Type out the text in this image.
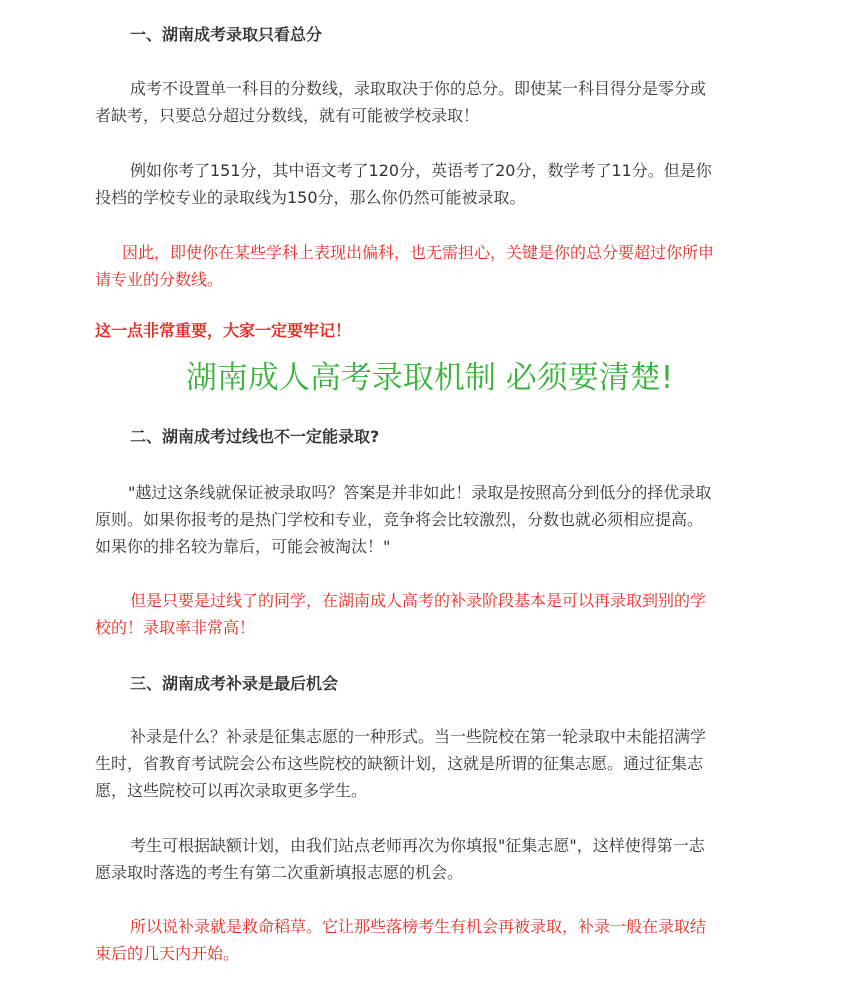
一、湖南成考录取只看总分
成考不设置单一科目的分数线，录取取决于你的总分。即使某一科目得分是零分或
者缺考，只要总分超过分数线，就有可能被学校录取！
例如你考了151分，其中语文考了120分，英语考了20分，数学考了11分。但是你
投档的学校专业的录取线为150分，那么你仍然可能被录取。
因此，即使你在某些学科上表现出偏科，也无需担心，关键是你的总分要超过你所申
请专业的分数线。
这一点非常重要，大家一定要牢记！
湖南成人高考录取机制 必须要清楚!
二、湖南成考过线也不一定能录取?
"越过这条线就保证被录取吗？答案是并非如此！录取是按照高分到低分的择优录取
原则。如果你报考的是热门学校和专业，竞争将会比较激烈，分数也就必须相应提高。
如果你的排名较为靠后，可能会被淘汰！"
但是只要是过线了的同学，在湖南成人高考的补录阶段基本是可以再录取到别的学
校的！录取率非常高！
三、湖南成考补录是最后机会
补录是什么？补录是征集志愿的一种形式。当一些院校在第一轮录取中未能招满学
生时，省教育考试院会公布这些院校的缺额计划，这就是所谓的征集志愿。通过征集志
愿，这些院校可以再次录取更多学生。
考生可根据缺额计划，由我们站点老师再次为你填报"征集志愿"，这样使得第一志
愿录取时落选的考生有第二次重新填报志愿的机会。
所以说补录就是救命稻草。它让那些落榜考生有机会再被录取，补录一般在录取结
束后的几天内开始。
